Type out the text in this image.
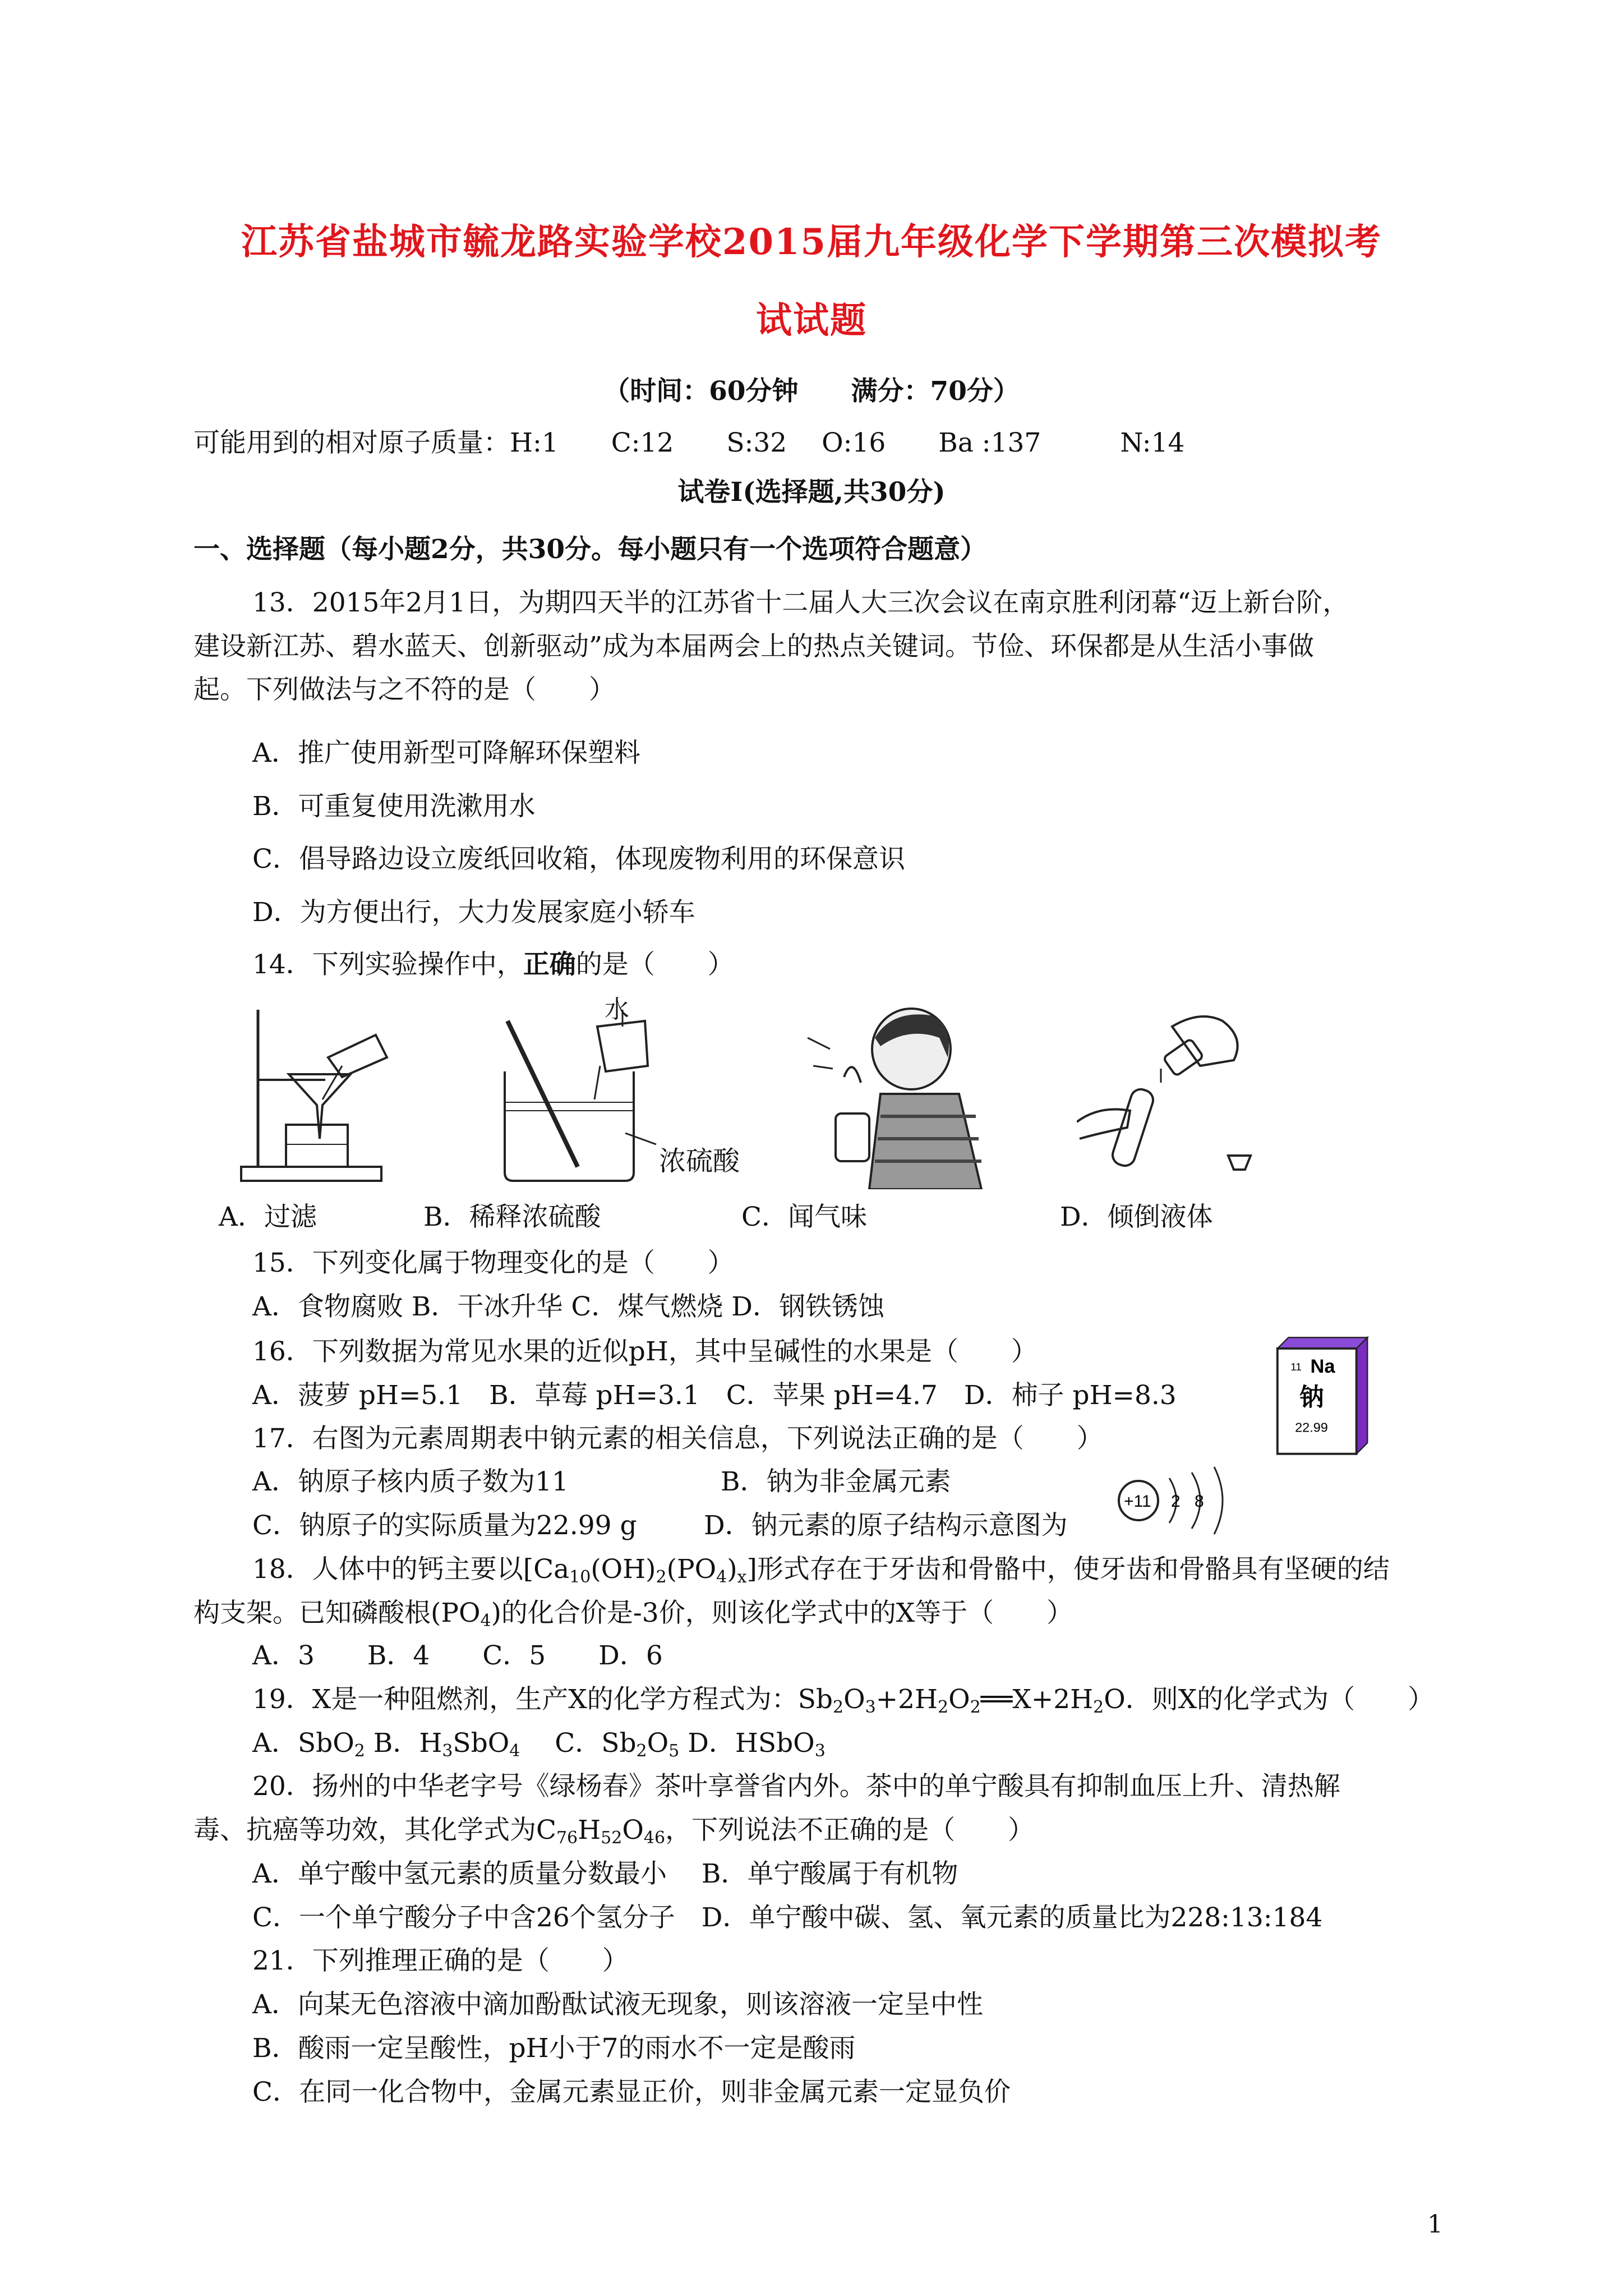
江苏省盐城市毓龙路实验学校2015届九年级化学下学期第三次模拟考
试试题
（时间：60分钟　　满分：70分）
可能用到的相对原子质量：H:1　　C:12　　S:32　 O:16　　Ba :137　　　N:14
试卷Ⅰ(选择题,共30分)
一、选择题（每小题2分，共30分。每小题只有一个选项符合题意）
13．2015年2月1日，为期四天半的江苏省十二届人大三次会议在南京胜利闭幕“迈上新台阶，
建设新江苏、碧水蓝天、创新驱动”成为本届两会上的热点关键词。节俭、环保都是从生活小事做
起。下列做法与之不符的是（　　）
A．推广使用新型可降解环保塑料
B．可重复使用洗漱用水
C．倡导路边设立废纸回收箱，体现废物利用的环保意识
D．为方便出行，大力发展家庭小轿车
14．下列实验操作中，正确的是（　　）
水
浓硫酸
A．过滤	B．稀释浓硫酸	C．闻气味	D．倾倒液体
15．下列变化属于物理变化的是（　　）
A．食物腐败 B．干冰升华 C．煤气燃烧 D．钢铁锈蚀
16．下列数据为常见水果的近似pH，其中呈碱性的水果是（　　）
A．菠萝 pH=5.1　B．草莓 pH=3.1　C．苹果 pH=4.7　D．柿子 pH=8.3
11 Na
钠
22.99
17．右图为元素周期表中钠元素的相关信息，下列说法正确的是（　　）
A．钠原子核内质子数为11	B．钠为非金属元素
C．钠原子的实际质量为22.99 g	D．钠元素的原子结构示意图为
+11 2 8
18．人体中的钙主要以$[Ca_{10}(OH)_2(PO_4)_x]$形式存在于牙齿和骨骼中，使牙齿和骨骼具有坚硬的结
构支架。已知磷酸根$(PO_4)$的化合价是-3价，则该化学式中的X等于（　　）
A．3　　B．4　　C．5　　D．6
19．X是一种阻燃剂，生产X的化学方程式为：$Sb_2O_3+2H_2O_2══X+2H_2O$．则X的化学式为（　　）
A．SbO$_2$ B．$H_3SbO_4$　 C．$Sb_2O_5$ D．HSbO$_3$
20．扬州的中华老字号《绿杨春》茶叶享誉省内外。茶中的单宁酸具有抑制血压上升、清热解
毒、抗癌等功效，其化学式为$C_{76}H_{52}O_{46}$，下列说法不正确的是（　　）
A．单宁酸中氢元素的质量分数最小　 B．单宁酸属于有机物
C．一个单宁酸分子中含26个氢分子　D．单宁酸中碳、氢、氧元素的质量比为228:13:184
21．下列推理正确的是（　　）
A．向某无色溶液中滴加酚酞试液无现象，则该溶液一定呈中性
B．酸雨一定呈酸性，pH小于7的雨水不一定是酸雨
C．在同一化合物中，金属元素显正价，则非金属元素一定显负价
1
